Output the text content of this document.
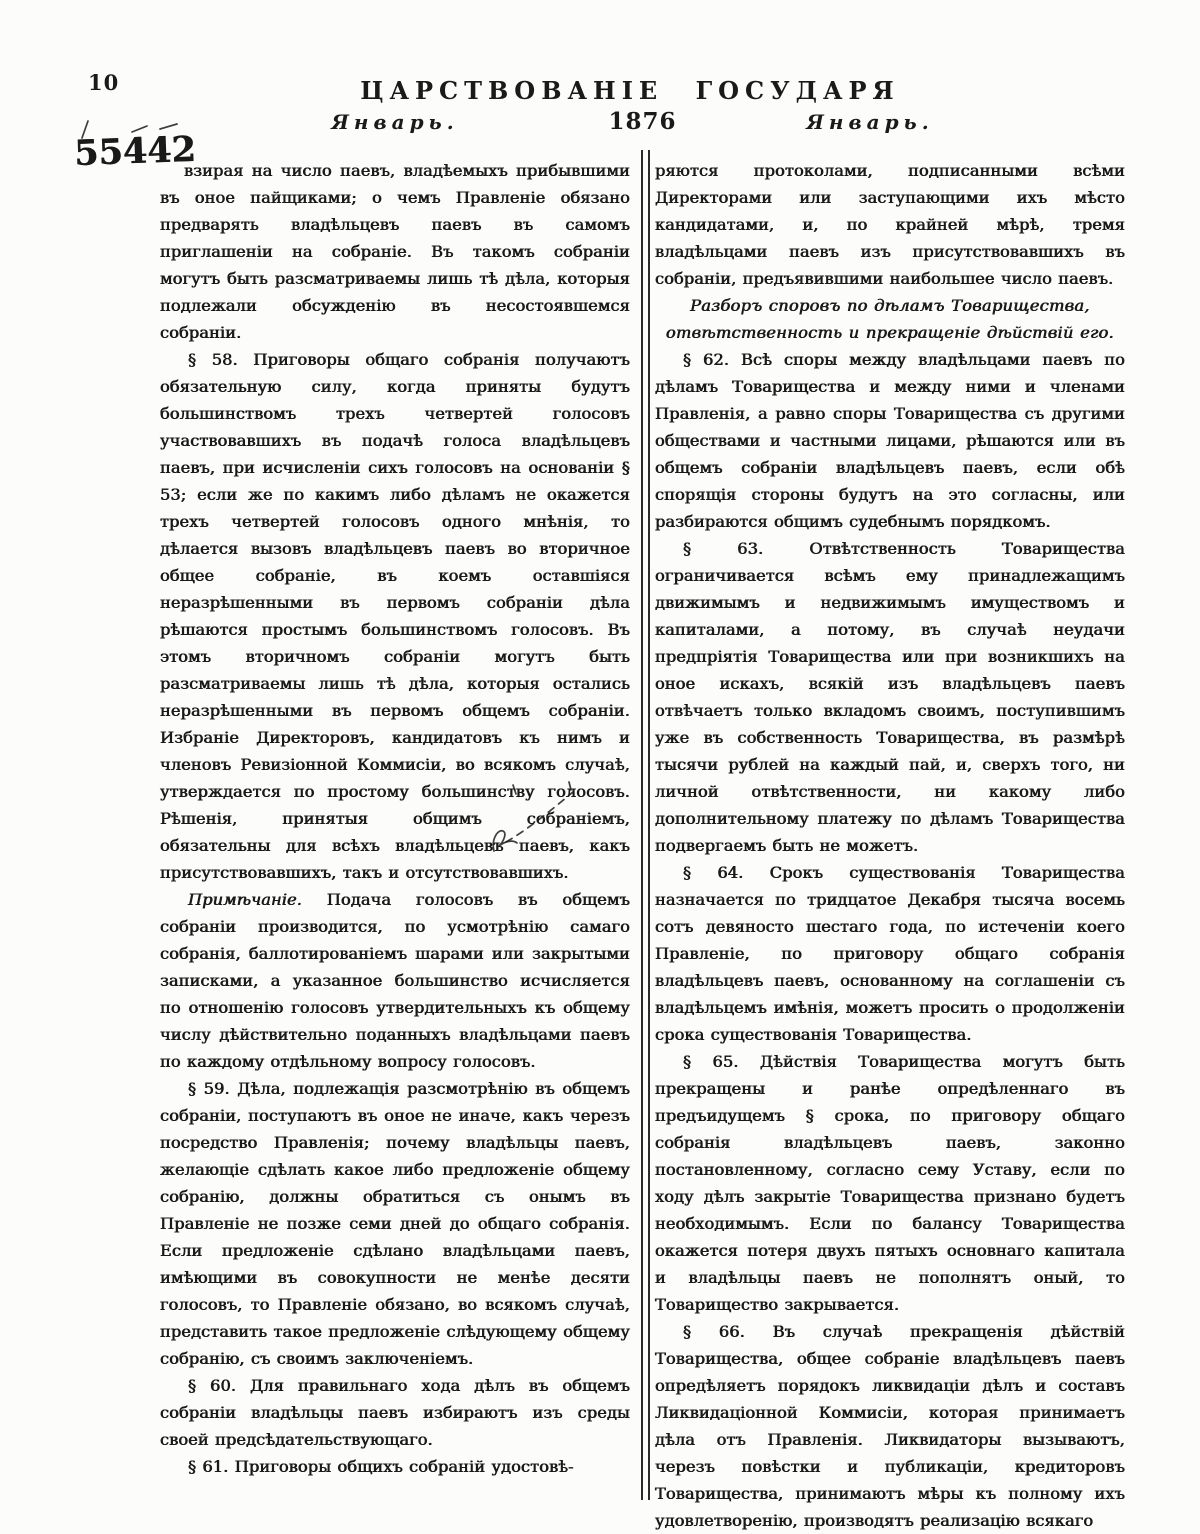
10	ЦАРСТВОВАНІЕ ГОСУДАРЯ
Январь.	1876	Январь.
55442

взирая на число паевъ, владѣемыхъ прибывшими въ оное пайщиками; о чемъ Правленіе обязано предварять владѣльцевъ паевъ въ самомъ приглашеніи на собраніе. Въ такомъ собраніи могутъ быть разсматриваемы лишь тѣ дѣла, которыя подлежали обсужденію въ несостоявшемся собраніи.

§ 58. Приговоры общаго собранія получаютъ обязательную силу, когда приняты будутъ большинствомъ трехъ четвертей голосовъ участвовавшихъ въ подачѣ голоса владѣльцевъ паевъ, при исчисленіи сихъ голосовъ на основаніи § 53; если же по какимъ либо дѣламъ не окажется трехъ четвертей голосовъ одного мнѣнія, то дѣлается вызовъ владѣльцевъ паевъ во вторичное общее собраніе, въ коемъ оставшіяся неразрѣшенными въ первомъ собраніи дѣла рѣшаются простымъ большинствомъ голосовъ. Въ этомъ вторичномъ собраніи могутъ быть разсматриваемы лишь тѣ дѣла, которыя остались неразрѣшенными въ первомъ общемъ собраніи. Избраніе Директоровъ, кандидатовъ къ нимъ и членовъ Ревизіонной Коммисіи, во всякомъ случаѣ, утверждается по простому большинству голосовъ. Рѣшенія, принятыя общимъ собраніемъ, обязательны для всѣхъ владѣльцевъ паевъ, какъ присутствовавшихъ, такъ и отсутствовавшихъ.

Примѣчаніе. Подача голосовъ въ общемъ собраніи производится, по усмотрѣнію самаго собранія, баллотированіемъ шарами или закрытыми записками, а указанное большинство исчисляется по отношенію голосовъ утвердительныхъ къ общему числу дѣйствительно поданныхъ владѣльцами паевъ по каждому отдѣльному вопросу голосовъ.

§ 59. Дѣла, подлежащія разсмотрѣнію въ общемъ собраніи, поступаютъ въ оное не иначе, какъ черезъ посредство Правленія; почему владѣльцы паевъ, желающіе сдѣлать какое либо предложеніе общему собранію, должны обратиться съ онымъ въ Правленіе не позже семи дней до общаго собранія. Если предложеніе сдѣлано владѣльцами паевъ, имѣющими въ совокупности не менѣе десяти голосовъ, то Правленіе обязано, во всякомъ случаѣ, представить такое предложеніе слѣдующему общему собранію, съ своимъ заключеніемъ.

§ 60. Для правильнаго хода дѣлъ въ общемъ собраніи владѣльцы паевъ избираютъ изъ среды своей предсѣдательствующаго.

§ 61. Приговоры общихъ собраній удостовѣ-

ряются протоколами, подписанными всѣми Директорами или заступающими ихъ мѣсто кандидатами, и, по крайней мѣрѣ, тремя владѣльцами паевъ изъ присутствовавшихъ въ собраніи, предъявившими наибольшее число паевъ.

Разборъ споровъ по дѣламъ Товарищества, отвѣтственность и прекращеніе дѣйствій его.

§ 62. Всѣ споры между владѣльцами паевъ по дѣламъ Товарищества и между ними и членами Правленія, а равно споры Товарищества съ другими обществами и частными лицами, рѣшаются или въ общемъ собраніи владѣльцевъ паевъ, если обѣ спорящія стороны будутъ на это согласны, или разбираются общимъ судебнымъ порядкомъ.

§ 63. Отвѣтственность Товарищества ограничивается всѣмъ ему принадлежащимъ движимымъ и недвижимымъ имуществомъ и капиталами, а потому, въ случаѣ неудачи предпріятія Товарищества или при возникшихъ на оное искахъ, всякій изъ владѣльцевъ паевъ отвѣчаетъ только вкладомъ своимъ, поступившимъ уже въ собственность Товарищества, въ размѣрѣ тысячи рублей на каждый пай, и, сверхъ того, ни личной отвѣтственности, ни какому либо дополнительному платежу по дѣламъ Товарищества подвергаемъ быть не можетъ.

§ 64. Срокъ существованія Товарищества назначается по тридцатое Декабря тысяча восемь сотъ девяносто шестаго года, по истеченіи коего Правленіе, по приговору общаго собранія владѣльцевъ паевъ, основанному на соглашеніи съ владѣльцемъ имѣнія, можетъ просить о продолженіи срока существованія Товарищества.

§ 65. Дѣйствія Товарищества могутъ быть прекращены и ранѣе опредѣленнаго въ предъидущемъ § срока, по приговору общаго собранія владѣльцевъ паевъ, законно постановленному, согласно сему Уставу, если по ходу дѣлъ закрытіе Товарищества признано будетъ необходимымъ. Если по балансу Товарищества окажется потеря двухъ пятыхъ основнаго капитала и владѣльцы паевъ не пополнятъ оный, то Товарищество закрывается.

§ 66. Въ случаѣ прекращенія дѣйствій Товарищества, общее собраніе владѣльцевъ паевъ опредѣляетъ порядокъ ликвидаціи дѣлъ и составъ Ликвидаціонной Коммисіи, которая принимаетъ дѣла отъ Правленія. Ликвидаторы вызываютъ, черезъ повѣстки и публикаціи, кредиторовъ Товарищества, принимаютъ мѣры къ полному ихъ удовлетворенію, производятъ реализацію всякаго
